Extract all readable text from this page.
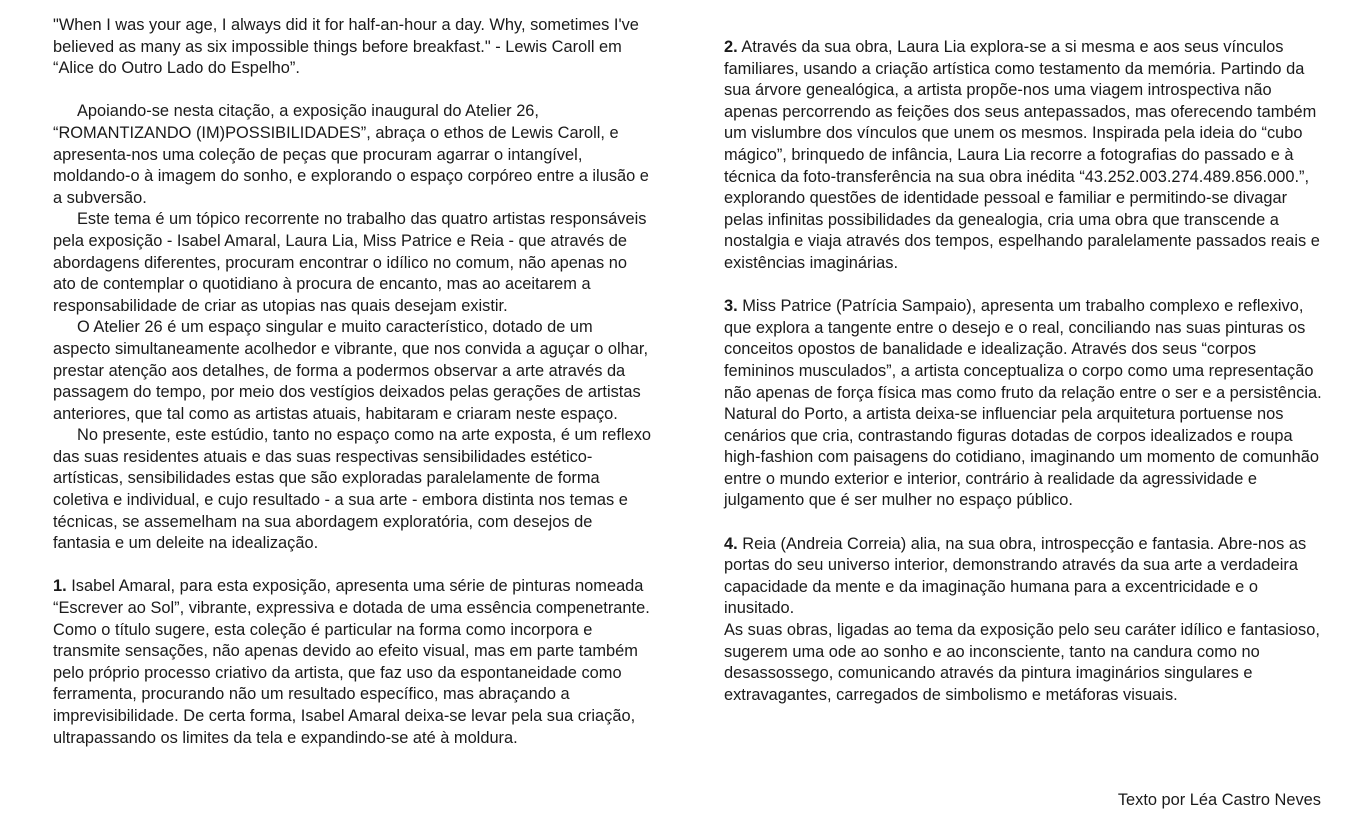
"When I was your age, I always did it for half-an-hour a day. Why, sometimes I've believed as many as six impossible things before breakfast." - Lewis Caroll em “Alice do Outro Lado do Espelho”.

Apoiando-se nesta citação, a exposição inaugural do Atelier 26, “ROMANTIZANDO (IM)POSSIBILIDADES”, abraça o ethos de Lewis Caroll, e apresenta-nos uma coleção de peças que procuram agarrar o intangível, moldando-o à imagem do sonho, e explorando o espaço corpóreo entre a ilusão e a subversão.

Este tema é um tópico recorrente no trabalho das quatro artistas responsáveis pela exposição - Isabel Amaral, Laura Lia, Miss Patrice e Reia - que através de abordagens diferentes, procuram encontrar o idílico no comum, não apenas no ato de contemplar o quotidiano à procura de encanto, mas ao aceitarem a responsabilidade de criar as utopias nas quais desejam existir.

O Atelier 26 é um espaço singular e muito característico, dotado de um aspecto simultaneamente acolhedor e vibrante, que nos convida a aguçar o olhar, prestar atenção aos detalhes, de forma a podermos observar a arte através da passagem do tempo, por meio dos vestígios deixados pelas gerações de artistas anteriores, que tal como as artistas atuais, habitaram e criaram neste espaço.

No presente, este estúdio, tanto no espaço como na arte exposta, é um reflexo das suas residentes atuais e das suas respectivas sensibilidades estético-artísticas, sensibilidades estas que são exploradas paralelamente de forma coletiva e individual, e cujo resultado - a sua arte - embora distinta nos temas e técnicas, se assemelham na sua abordagem exploratória, com desejos de fantasia e um deleite na idealização.

1. Isabel Amaral, para esta exposição, apresenta uma série de pinturas nomeada “Escrever ao Sol”, vibrante, expressiva e dotada de uma essência compenetrante. Como o título sugere, esta coleção é particular na forma como incorpora e transmite sensações, não apenas devido ao efeito visual, mas em parte também pelo próprio processo criativo da artista, que faz uso da espontaneidade como ferramenta, procurando não um resultado específico, mas abraçando a imprevisibilidade. De certa forma, Isabel Amaral deixa-se levar pela sua criação, ultrapassando os limites da tela e expandindo-se até à moldura.

2. Através da sua obra, Laura Lia explora-se a si mesma e aos seus vínculos familiares, usando a criação artística como testamento da memória. Partindo da sua árvore genealógica, a artista propõe-nos uma viagem introspectiva não apenas percorrendo as feições dos seus antepassados, mas oferecendo também um vislumbre dos vínculos que unem os mesmos. Inspirada pela ideia do “cubo mágico”, brinquedo de infância, Laura Lia recorre a fotografias do passado e à técnica da foto-transferência na sua obra inédita “43.252.003.274.489.856.000.”, explorando questões de identidade pessoal e familiar e permitindo-se divagar pelas infinitas possibilidades da genealogia, cria uma obra que transcende a nostalgia e viaja através dos tempos, espelhando paralelamente passados reais e existências imaginárias.

3. Miss Patrice (Patrícia Sampaio), apresenta um trabalho complexo e reflexivo, que explora a tangente entre o desejo e o real, conciliando nas suas pinturas os conceitos opostos de banalidade e idealização. Através dos seus “corpos femininos musculados”, a artista conceptualiza o corpo como uma representação não apenas de força física mas como fruto da relação entre o ser e a persistência. Natural do Porto, a artista deixa-se influenciar pela arquitetura portuense nos cenários que cria, contrastando figuras dotadas de corpos idealizados e roupa high-fashion com paisagens do cotidiano, imaginando um momento de comunhão entre o mundo exterior e interior, contrário à realidade da agressividade e julgamento que é ser mulher no espaço público.

4. Reia (Andreia Correia) alia, na sua obra, introspecção e fantasia. Abre-nos as portas do seu universo interior, demonstrando através da sua arte a verdadeira capacidade da mente e da imaginação humana para a excentricidade e o inusitado.

As suas obras, ligadas ao tema da exposição pelo seu caráter idílico e fantasioso, sugerem uma ode ao sonho e ao inconsciente, tanto na candura como no desassossego, comunicando através da pintura imaginários singulares e extravagantes, carregados de simbolismo e metáforas visuais.

Texto por Léa Castro Neves
